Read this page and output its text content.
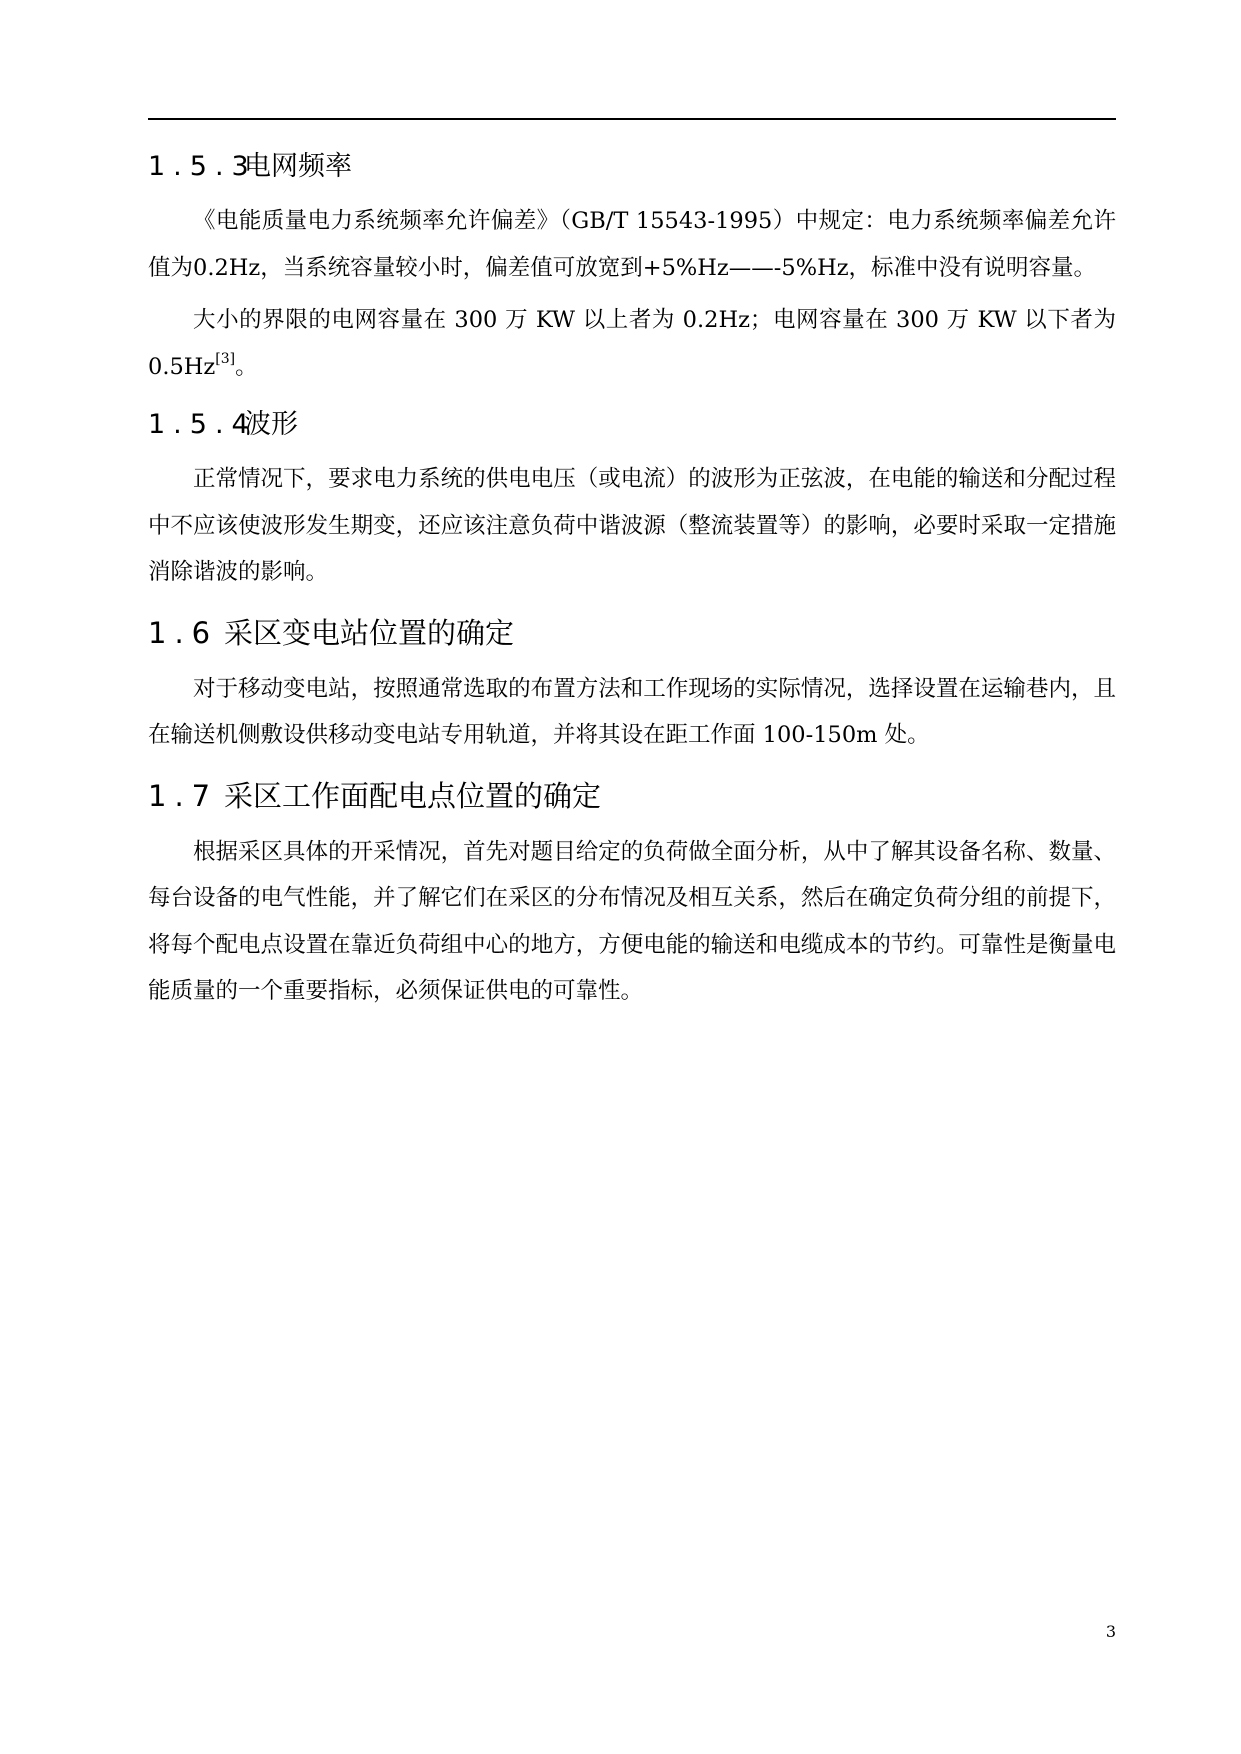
1.5.3电网频率

《电能质量电力系统频率允许偏差》（GB/T 15543-1995）中规定：电力系统频率偏差允许值为0.2Hz，当系统容量较小时，偏差值可放宽到+5%Hz——-5%Hz，标准中没有说明容量。

大小的界限的电网容量在 300 万 KW 以上者为 0.2Hz；电网容量在 300 万 KW 以下者为 0.5Hz[3]。

1.5.4波形

正常情况下，要求电力系统的供电电压（或电流）的波形为正弦波，在电能的输送和分配过程中不应该使波形发生期变，还应该注意负荷中谐波源（整流装置等）的影响，必要时采取一定措施消除谐波的影响。

1.6 采区变电站位置的确定

对于移动变电站，按照通常选取的布置方法和工作现场的实际情况，选择设置在运输巷内，且在输送机侧敷设供移动变电站专用轨道，并将其设在距工作面 100-150m 处。

1.7 采区工作面配电点位置的确定

根据采区具体的开采情况，首先对题目给定的负荷做全面分析，从中了解其设备名称、数量、每台设备的电气性能，并了解它们在采区的分布情况及相互关系，然后在确定负荷分组的前提下，将每个配电点设置在靠近负荷组中心的地方，方便电能的输送和电缆成本的节约。可靠性是衡量电能质量的一个重要指标，必须保证供电的可靠性。

3
